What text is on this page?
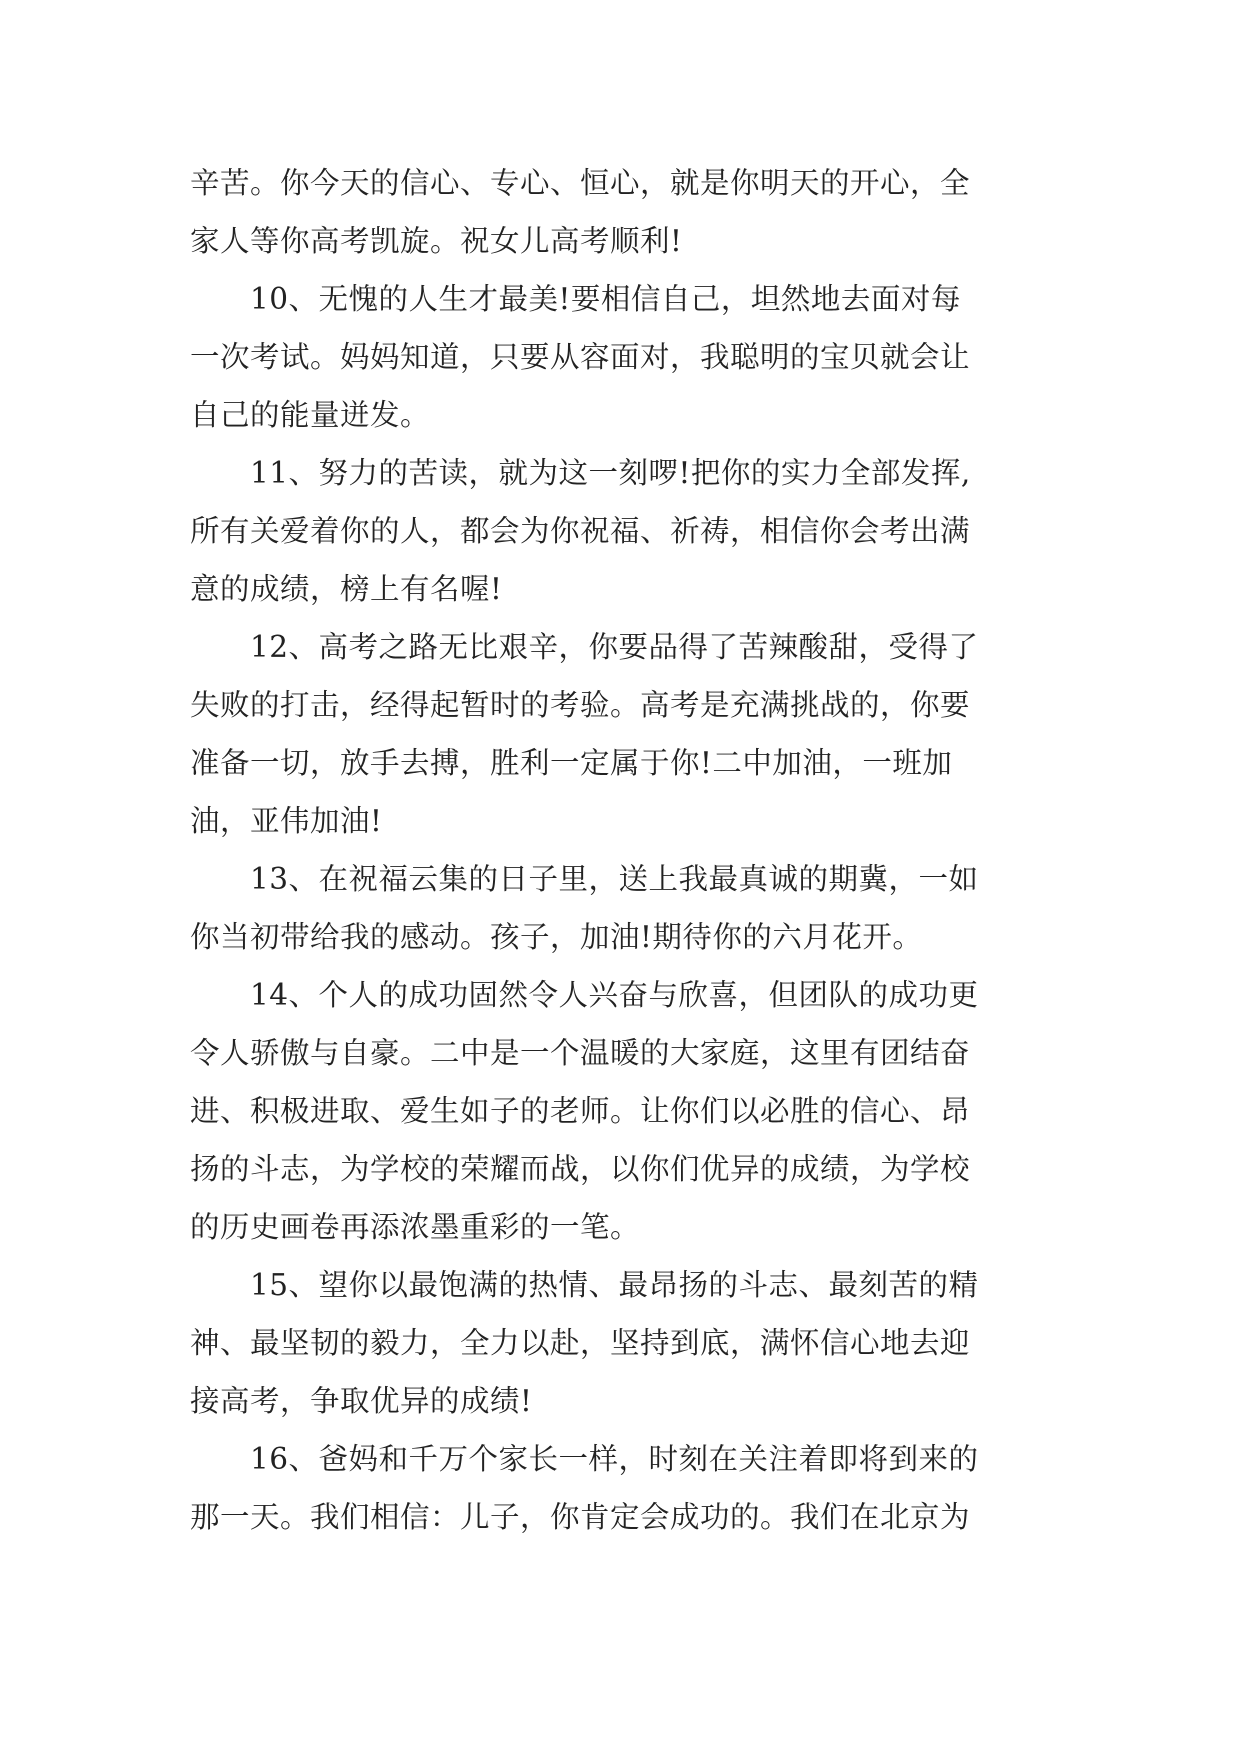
辛苦。你今天的信心、专心、恒心，就是你明天的开心，全
家人等你高考凯旋。祝女儿高考顺利!
10、无愧的人生才最美!要相信自己，坦然地去面对每
一次考试。妈妈知道，只要从容面对，我聪明的宝贝就会让
自己的能量迸发。
11、努力的苦读，就为这一刻啰!把你的实力全部发挥,
所有关爱着你的人，都会为你祝福、祈祷，相信你会考出满
意的成绩，榜上有名喔!
12、高考之路无比艰辛，你要品得了苦辣酸甜，受得了
失败的打击，经得起暂时的考验。高考是充满挑战的，你要
准备一切，放手去搏，胜利一定属于你!二中加油，一班加
油，亚伟加油!
13、在祝福云集的日子里，送上我最真诚的期冀，一如
你当初带给我的感动。孩子，加油!期待你的六月花开。
14、个人的成功固然令人兴奋与欣喜，但团队的成功更
令人骄傲与自豪。二中是一个温暖的大家庭，这里有团结奋
进、积极进取、爱生如子的老师。让你们以必胜的信心、昂
扬的斗志，为学校的荣耀而战，以你们优异的成绩，为学校
的历史画卷再添浓墨重彩的一笔。
15、望你以最饱满的热情、最昂扬的斗志、最刻苦的精
神、最坚韧的毅力，全力以赴，坚持到底，满怀信心地去迎
接高考，争取优异的成绩!
16、爸妈和千万个家长一样，时刻在关注着即将到来的
那一天。我们相信：儿子，你肯定会成功的。我们在北京为
